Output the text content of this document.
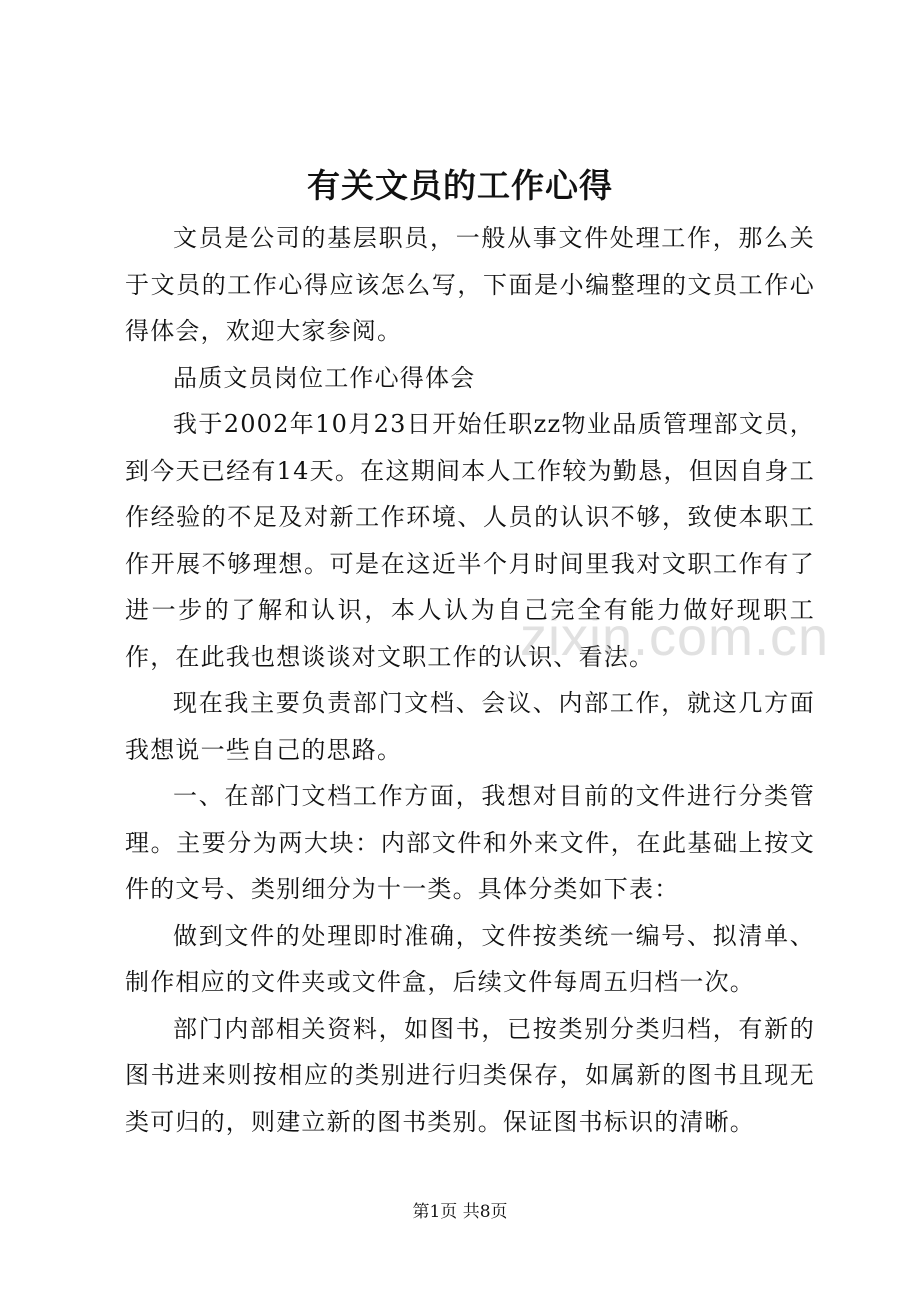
有关文员的工作心得

文员是公司的基层职员，一般从事文件处理工作，那么关于文员的工作心得应该怎么写，下面是小编整理的文员工作心得体会，欢迎大家参阅。

品质文员岗位工作心得体会

我于2002年10月23日开始任职zz物业品质管理部文员，到今天已经有14天。在这期间本人工作较为勤恳，但因自身工作经验的不足及对新工作环境、人员的认识不够，致使本职工作开展不够理想。可是在这近半个月时间里我对文职工作有了进一步的了解和认识，本人认为自己完全有能力做好现职工作，在此我也想谈谈对文职工作的认识、看法。

现在我主要负责部门文档、会议、内部工作，就这几方面我想说一些自己的思路。

一、在部门文档工作方面，我想对目前的文件进行分类管理。主要分为两大块：内部文件和外来文件，在此基础上按文件的文号、类别细分为十一类。具体分类如下表：

做到文件的处理即时准确，文件按类统一编号、拟清单、制作相应的文件夹或文件盒，后续文件每周五归档一次。

部门内部相关资料，如图书，已按类别分类归档，有新的图书进来则按相应的类别进行归类保存，如属新的图书且现无类可归的，则建立新的图书类别。保证图书标识的清晰。

zixin.com.cn
第1页 共8页
